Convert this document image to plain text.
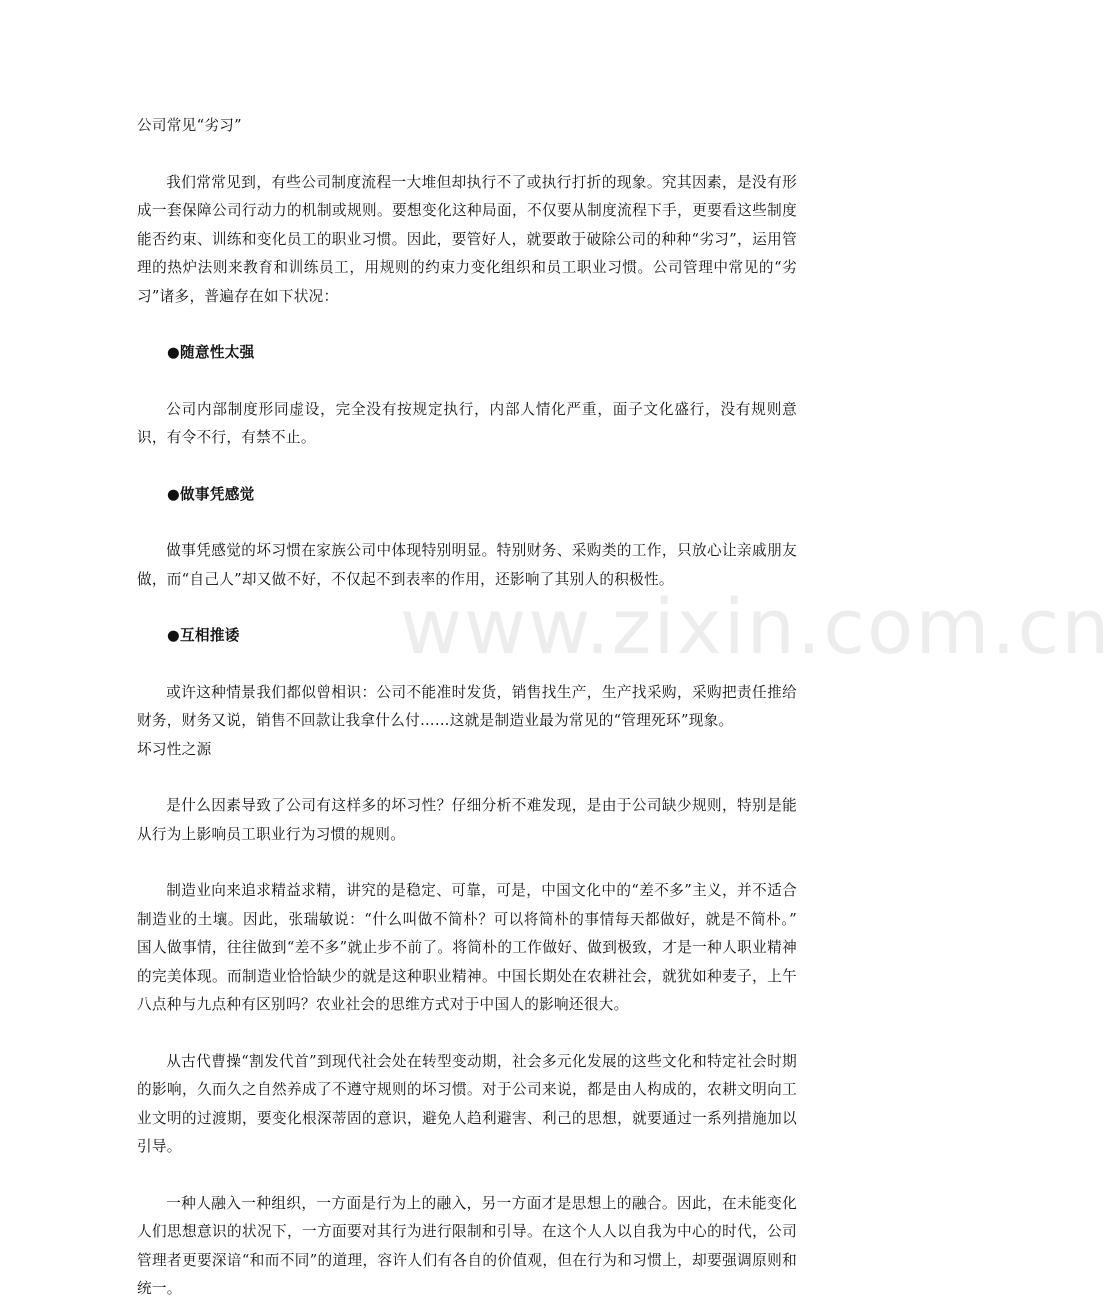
www.zixin.com.cn

公司常见“劣习”

我们常常见到，有些公司制度流程一大堆但却执行不了或执行打折的现象。究其因素，是没有形成一套保障公司行动力的机制或规则。要想变化这种局面，不仅要从制度流程下手，更要看这些制度能否约束、训练和变化员工的职业习惯。因此，要管好人，就要敢于破除公司的种种“劣习”，运用管理的热炉法则来教育和训练员工，用规则的约束力变化组织和员工职业习惯。公司管理中常见的“劣习”诸多，普遍存在如下状况：

●随意性太强

公司内部制度形同虚设，完全没有按规定执行，内部人情化严重，面子文化盛行，没有规则意识，有令不行，有禁不止。

●做事凭感觉

做事凭感觉的坏习惯在家族公司中体现特别明显。特别财务、采购类的工作，只放心让亲戚朋友做，而“自己人”却又做不好，不仅起不到表率的作用，还影响了其别人的积极性。

●互相推诿

或许这种情景我们都似曾相识：公司不能准时发货，销售找生产，生产找采购，采购把责任推给财务，财务又说，销售不回款让我拿什么付……这就是制造业最为常见的“管理死环”现象。

坏习性之源

是什么因素导致了公司有这样多的坏习性？仔细分析不难发现，是由于公司缺少规则，特别是能从行为上影响员工职业行为习惯的规则。

制造业向来追求精益求精，讲究的是稳定、可靠，可是，中国文化中的“差不多”主义，并不适合制造业的土壤。因此，张瑞敏说：“什么叫做不简朴？可以将简朴的事情每天都做好，就是不简朴。” 国人做事情，往往做到“差不多”就止步不前了。将简朴的工作做好、做到极致，才是一种人职业精神的完美体现。而制造业恰恰缺少的就是这种职业精神。中国长期处在农耕社会，就犹如种麦子，上午八点种与九点种有区别吗？农业社会的思维方式对于中国人的影响还很大。

从古代曹操“割发代首”到现代社会处在转型变动期，社会多元化发展的这些文化和特定社会时期的影响，久而久之自然养成了不遵守规则的坏习惯。对于公司来说，都是由人构成的，农耕文明向工业文明的过渡期，要变化根深蒂固的意识，避免人趋利避害、利己的思想，就要通过一系列措施加以引导。

一种人融入一种组织，一方面是行为上的融入，另一方面才是思想上的融合。因此，在未能变化人们思想意识的状况下，一方面要对其行为进行限制和引导。在这个人人以自我为中心的时代，公司管理者更要深谙“和而不同”的道理，容许人们有各自的价值观，但在行为和习惯上，却要强调原则和统一。
